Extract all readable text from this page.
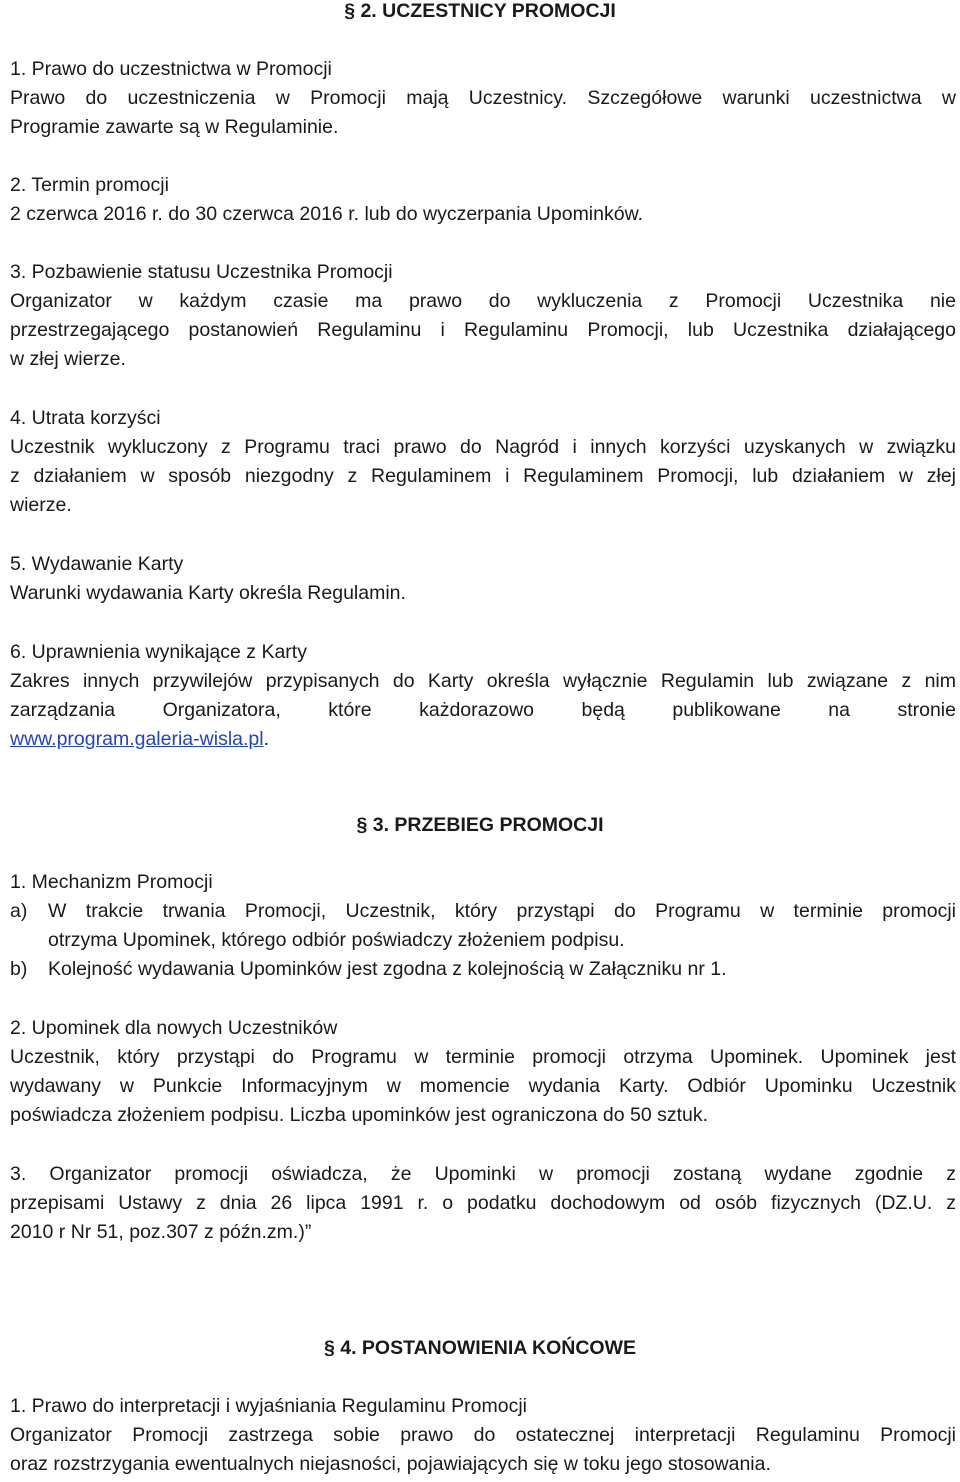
§ 2. UCZESTNICY PROMOCJI
1. Prawo do uczestnictwa w Promocji
Prawo do uczestniczenia w Promocji mają Uczestnicy. Szczegółowe warunki uczestnictwa w
Programie zawarte są w Regulaminie.
2. Termin promocji
2 czerwca 2016 r. do 30 czerwca 2016 r. lub do wyczerpania Upominków.
3. Pozbawienie statusu Uczestnika Promocji
Organizator w każdym czasie ma prawo do wykluczenia z Promocji Uczestnika nie
przestrzegającego postanowień Regulaminu i Regulaminu Promocji, lub Uczestnika działającego
w złej wierze.
4. Utrata korzyści
Uczestnik wykluczony z Programu traci prawo do Nagród i innych korzyści uzyskanych w związku
z działaniem w sposób niezgodny z Regulaminem i Regulaminem Promocji, lub działaniem w złej
wierze.
5. Wydawanie Karty
Warunki wydawania Karty określa Regulamin.
6. Uprawnienia wynikające z Karty
Zakres innych przywilejów przypisanych do Karty określa wyłącznie Regulamin lub związane z nim
zarządzania Organizatora, które każdorazowo będą publikowane na stronie
www.program.galeria-wisla.pl.
§ 3. PRZEBIEG PROMOCJI
1. Mechanizm Promocji
a) W trakcie trwania Promocji, Uczestnik, który przystąpi do Programu w terminie promocji
otrzyma Upominek, którego odbiór poświadczy złożeniem podpisu.
b) Kolejność wydawania Upominków jest zgodna z kolejnością w Załączniku nr 1.
2. Upominek dla nowych Uczestników
Uczestnik, który przystąpi do Programu w terminie promocji otrzyma Upominek. Upominek jest
wydawany w Punkcie Informacyjnym w momencie wydania Karty. Odbiór Upominku Uczestnik
poświadcza złożeniem podpisu. Liczba upominków jest ograniczona do 50 sztuk.
3. Organizator promocji oświadcza, że Upominki w promocji zostaną wydane zgodnie z
przepisami Ustawy z dnia 26 lipca 1991 r. o podatku dochodowym od osób fizycznych (DZ.U. z
2010 r Nr 51, poz.307 z późn.zm.)”
§ 4. POSTANOWIENIA KOŃCOWE
1. Prawo do interpretacji i wyjaśniania Regulaminu Promocji
Organizator Promocji zastrzega sobie prawo do ostatecznej interpretacji Regulaminu Promocji
oraz rozstrzygania ewentualnych niejasności, pojawiających się w toku jego stosowania.
